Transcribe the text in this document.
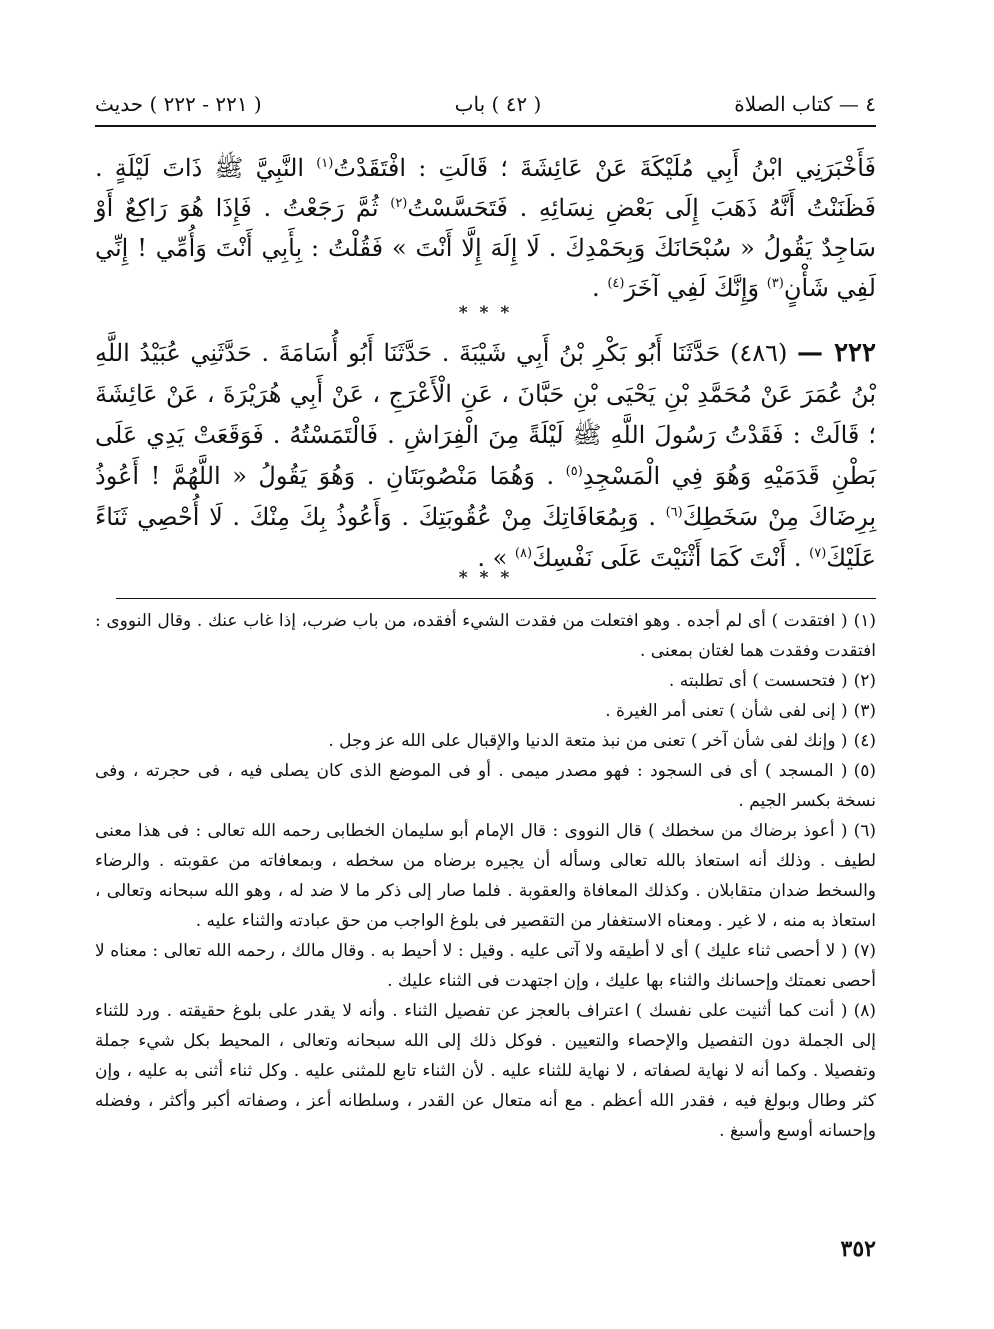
٤ — كتاب الصلاة
( ٤٢ ) باب
( ٢٢١ - ٢٢٢ ) حديث

فَأَخْبَرَنِي ابْنُ أَبِي مُلَيْكَةَ عَنْ عَائِشَةَ ؛ قَالَتِ : افْتَقَدْتُ$^{(١)}$ النَّبِيَّ ﷺ ذَاتَ لَيْلَةٍ . فَظَنَنْتُ أَنَّهُ ذَهَبَ إِلَى بَعْضِ نِسَائِهِ . فَتَحَسَّسْتُ$^{(٢)}$ ثُمَّ رَجَعْتُ . فَإِذَا هُوَ رَاكِعٌ أَوْ سَاجِدٌ يَقُولُ « سُبْحَانَكَ وَبِحَمْدِكَ . لَا إِلَهَ إِلَّا أَنْتَ » فَقُلْتُ : بِأَبِي أَنْتَ وَأُمِّي ! إِنِّي لَفِي شَأْنٍ$^{(٣)}$ وَإِنَّكَ لَفِي آخَرَ$^{(٤)}$ .

* * *

٢٢٢ — (٤٨٦) حَدَّثَنَا أَبُو بَكْرِ بْنُ أَبِي شَيْبَةَ . حَدَّثَنَا أَبُو أُسَامَةَ . حَدَّثَنِي عُبَيْدُ اللَّهِ بْنُ عُمَرَ عَنْ مُحَمَّدِ بْنِ يَحْيَى بْنِ حَبَّانَ ، عَنِ الْأَعْرَجِ ، عَنْ أَبِي هُرَيْرَةَ ، عَنْ عَائِشَةَ ؛ قَالَتْ : فَقَدْتُ رَسُولَ اللَّهِ ﷺ لَيْلَةً مِنَ الْفِرَاشِ . فَالْتَمَسْتُهُ . فَوَقَعَتْ يَدِي عَلَى بَطْنِ قَدَمَيْهِ وَهُوَ فِي الْمَسْجِدِ$^{(٥)}$ . وَهُمَا مَنْصُوبَتَانِ . وَهُوَ يَقُولُ « اللَّهُمَّ ! أَعُوذُ بِرِضَاكَ مِنْ سَخَطِكَ$^{(٦)}$ . وَبِمُعَافَاتِكَ مِنْ عُقُوبَتِكَ . وَأَعُوذُ بِكَ مِنْكَ . لَا أُحْصِي ثَنَاءً عَلَيْكَ$^{(٧)}$ . أَنْتَ كَمَا أَثْنَيْتَ عَلَى نَفْسِكَ$^{(٨)}$ » .

* * *

(١)( افتقدت ) أى لم أجده . وهو افتعلت من فقدت الشيء أفقده، من باب ضرب، إذا غاب عنك . وقال النووى : افتقدت وفقدت هما لغتان بمعنى .

(٢)( فتحسست ) أى تطلبته .

(٣)( إنى لفى شأن ) تعنى أمر الغيرة .

(٤)( وإنك لفى شأن آخر ) تعنى من نبذ متعة الدنيا والإقبال على الله عز وجل .

(٥)( المسجد ) أى فى السجود : فهو مصدر ميمى . أو فى الموضع الذى كان يصلى فيه ، فى حجرته ، وفى نسخة بكسر الجيم .

(٦)( أعوذ برضاك من سخطك ) قال النووى : قال الإمام أبو سليمان الخطابى رحمه الله تعالى : فى هذا معنى لطيف . وذلك أنه استعاذ بالله تعالى وسأله أن يجيره برضاه من سخطه ، وبمعافاته من عقوبته . والرضاء والسخط ضدان متقابلان . وكذلك المعافاة والعقوبة . فلما صار إلى ذكر ما لا ضد له ، وهو الله سبحانه وتعالى ، استعاذ به منه ، لا غير . ومعناه الاستغفار من التقصير فى بلوغ الواجب من حق عبادته والثناء عليه .

(٧)( لا أحصى ثناء عليك ) أى لا أطيقه ولا آتى عليه . وقيل : لا أحيط به . وقال مالك ، رحمه الله تعالى : معناه لا أحصى نعمتك وإحسانك والثناء بها عليك ، وإن اجتهدت فى الثناء عليك .

(٨)( أنت كما أثنيت على نفسك ) اعتراف بالعجز عن تفصيل الثناء . وأنه لا يقدر على بلوغ حقيقته . ورد للثناء إلى الجملة دون التفصيل والإحصاء والتعيين . فوكل ذلك إلى الله سبحانه وتعالى ، المحيط بكل شيء جملة وتفصيلا . وكما أنه لا نهاية لصفاته ، لا نهاية للثناء عليه . لأن الثناء تابع للمثنى عليه . وكل ثناء أثنى به عليه ، وإن كثر وطال وبولغ فيه ، فقدر الله أعظم . مع أنه متعال عن القدر ، وسلطانه أعز ، وصفاته أكبر وأكثر ، وفضله وإحسانه أوسع وأسبغ .

٣٥٢
